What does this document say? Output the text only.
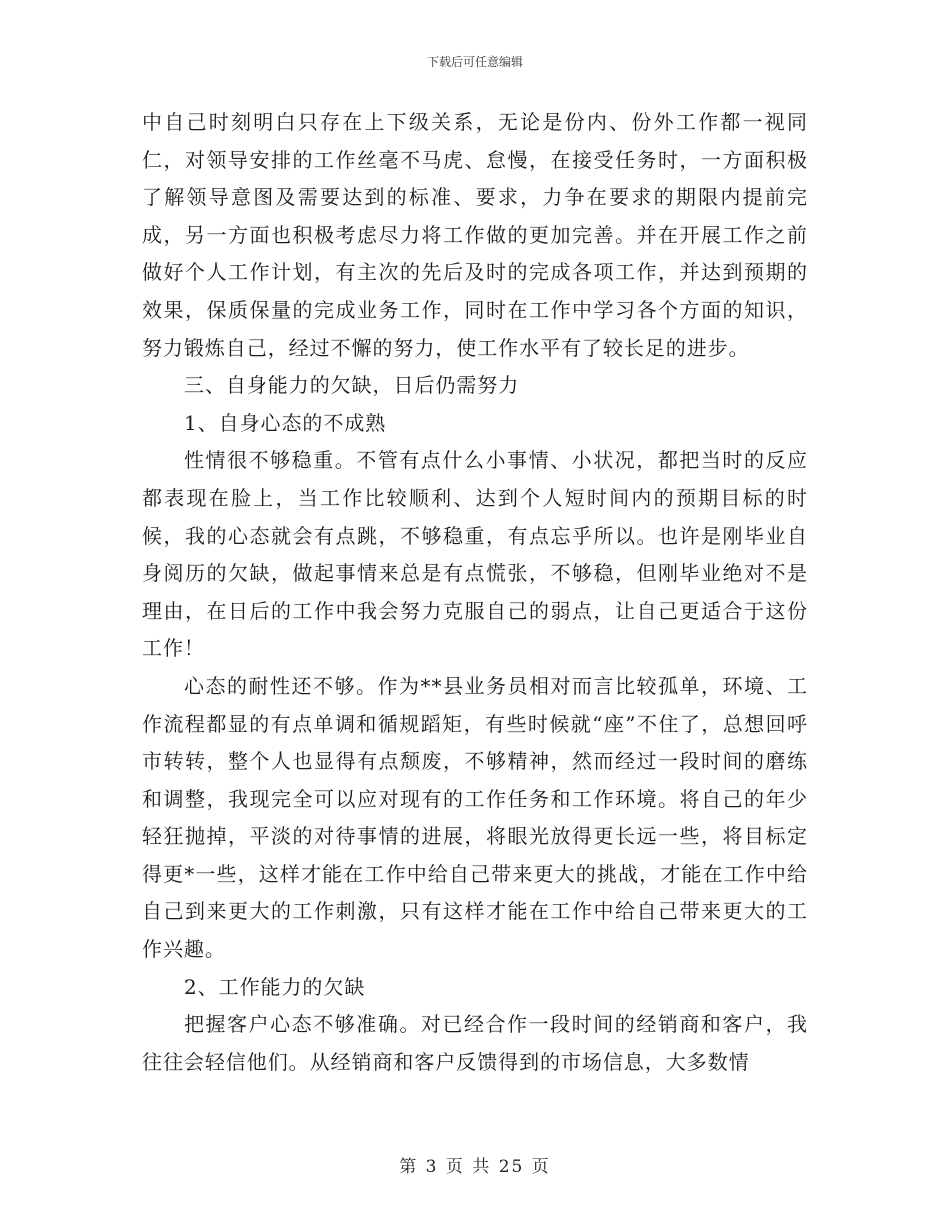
下载后可任意编辑

中自己时刻明白只存在上下级关系，无论是份内、份外工作都一视同仁，对领导安排的工作丝毫不马虎、怠慢，在接受任务时，一方面积极了解领导意图及需要达到的标准、要求，力争在要求的期限内提前完成，另一方面也积极考虑尽力将工作做的更加完善。并在开展工作之前做好个人工作计划，有主次的先后及时的完成各项工作，并达到预期的效果，保质保量的完成业务工作，同时在工作中学习各个方面的知识，努力锻炼自己，经过不懈的努力，使工作水平有了较长足的进步。

三、自身能力的欠缺，日后仍需努力

1、自身心态的不成熟

性情很不够稳重。不管有点什么小事情、小状况，都把当时的反应都表现在脸上，当工作比较顺利、达到个人短时间内的预期目标的时候，我的心态就会有点跳，不够稳重，有点忘乎所以。也许是刚毕业自身阅历的欠缺，做起事情来总是有点慌张，不够稳，但刚毕业绝对不是理由，在日后的工作中我会努力克服自己的弱点，让自己更适合于这份工作！

心态的耐性还不够。作为**县业务员相对而言比较孤单，环境、工作流程都显的有点单调和循规蹈矩，有些时候就“座”不住了，总想回呼市转转，整个人也显得有点颓废，不够精神，然而经过一段时间的磨练和调整，我现完全可以应对现有的工作任务和工作环境。将自己的年少轻狂抛掉，平淡的对待事情的进展，将眼光放得更长远一些，将目标定得更*一些，这样才能在工作中给自己带来更大的挑战，才能在工作中给自己到来更大的工作刺激，只有这样才能在工作中给自己带来更大的工作兴趣。

2、工作能力的欠缺

把握客户心态不够准确。对已经合作一段时间的经销商和客户，我往往会轻信他们。从经销商和客户反馈得到的市场信息，大多数情

第 3 页 共 25 页
